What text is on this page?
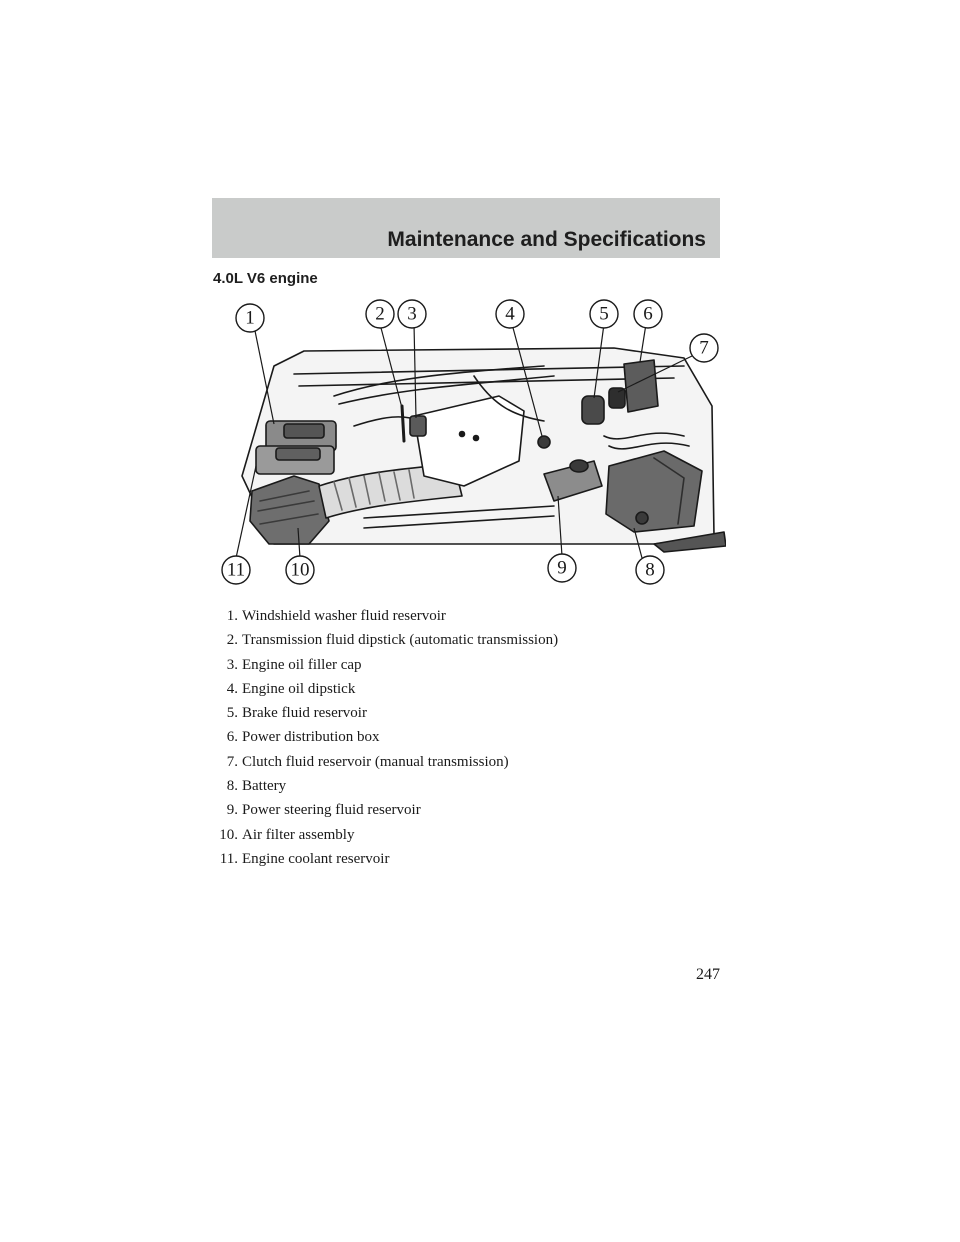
Maintenance and Specifications
4.0L V6 engine
1	2 3	4	5 6
7
8
9
10
11
1. Windshield washer fluid reservoir
2. Transmission fluid dipstick (automatic transmission)
3. Engine oil filler cap
4. Engine oil dipstick
5. Brake fluid reservoir
6. Power distribution box
7. Clutch fluid reservoir (manual transmission)
8. Battery
9. Power steering fluid reservoir
10. Air filter assembly
11. Engine coolant reservoir
247
